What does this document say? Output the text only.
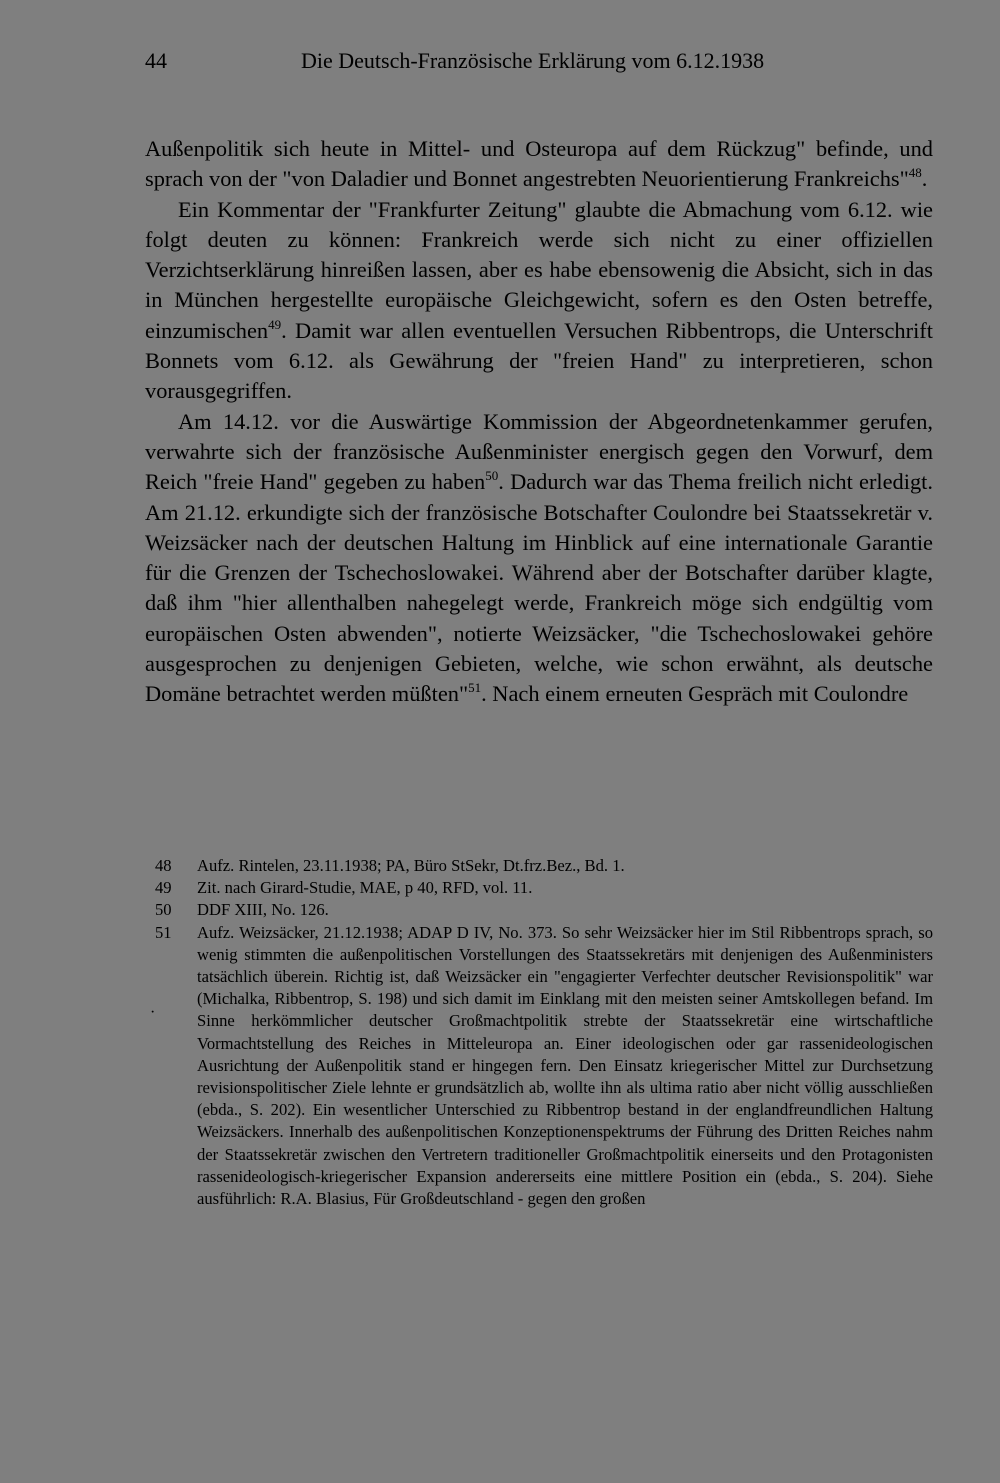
44	Die Deutsch-Französische Erklärung vom 6.12.1938

Außenpolitik sich heute in Mittel- und Osteuropa auf dem Rückzug" befinde, und sprach von der "von Daladier und Bonnet angestrebten Neuorientierung Frankreichs"$^{48}$.

Ein Kommentar der "Frankfurter Zeitung" glaubte die Abmachung vom 6.12. wie folgt deuten zu können: Frankreich werde sich nicht zu einer offiziellen Verzichtserklärung hinreißen lassen, aber es habe ebensowenig die Absicht, sich in das in München hergestellte europäische Gleichgewicht, sofern es den Osten betreffe, einzumischen$^{49}$. Damit war allen eventuellen Versuchen Ribbentrops, die Unterschrift Bonnets vom 6.12. als Gewährung der "freien Hand" zu interpretieren, schon vorausgegriffen.

Am 14.12. vor die Auswärtige Kommission der Abgeordnetenkammer gerufen, verwahrte sich der französische Außenminister energisch gegen den Vorwurf, dem Reich "freie Hand" gegeben zu haben$^{50}$. Dadurch war das Thema freilich nicht erledigt. Am 21.12. erkundigte sich der französische Botschafter Coulondre bei Staatssekretär v. Weizsäcker nach der deutschen Haltung im Hinblick auf eine internationale Garantie für die Grenzen der Tschechoslowakei. Während aber der Botschafter darüber klagte, daß ihm "hier allenthalben nahegelegt werde, Frankreich möge sich endgültig vom europäischen Osten abwenden", notierte Weizsäcker, "die Tschechoslowakei gehöre ausgesprochen zu denjenigen Gebieten, welche, wie schon erwähnt, als deutsche Domäne betrachtet werden müßten"$^{51}$. Nach einem erneuten Gespräch mit Coulondre

·
48	Aufz. Rintelen, 23.11.1938; PA, Büro StSekr, Dt.frz.Bez., Bd. 1.
49	Zit. nach Girard-Studie, MAE, p 40, RFD, vol. 11.
50	DDF XIII, No. 126.
51	Aufz. Weizsäcker, 21.12.1938; ADAP D IV, No. 373. So sehr Weizsäcker hier im Stil Ribbentrops sprach, so wenig stimmten die außenpolitischen Vorstellungen des Staatssekretärs mit denjenigen des Außenministers tatsächlich überein. Richtig ist, daß Weizsäcker ein "engagierter Verfechter deutscher Revisionspolitik" war (Michalka, Ribbentrop, S. 198) und sich damit im Einklang mit den meisten seiner Amtskollegen befand. Im Sinne herkömmlicher deutscher Großmachtpolitik strebte der Staatssekretär eine wirtschaftliche Vormachtstellung des Reiches in Mitteleuropa an. Einer ideologischen oder gar rassenideologischen Ausrichtung der Außenpolitik stand er hingegen fern. Den Einsatz kriegerischer Mittel zur Durchsetzung revisionspolitischer Ziele lehnte er grundsätzlich ab, wollte ihn als ultima ratio aber nicht völlig ausschließen (ebda., S. 202). Ein wesentlicher Unterschied zu Ribbentrop bestand in der englandfreundlichen Haltung Weizsäckers. Innerhalb des außenpolitischen Konzeptionenspektrums der Führung des Dritten Reiches nahm der Staatssekretär zwischen den Vertretern traditioneller Großmachtpolitik einerseits und den Protagonisten rassenideologisch-kriegerischer Expansion andererseits eine mittlere Position ein (ebda., S. 204). Siehe ausführlich: R.A. Blasius, Für Großdeutschland - gegen den großen
